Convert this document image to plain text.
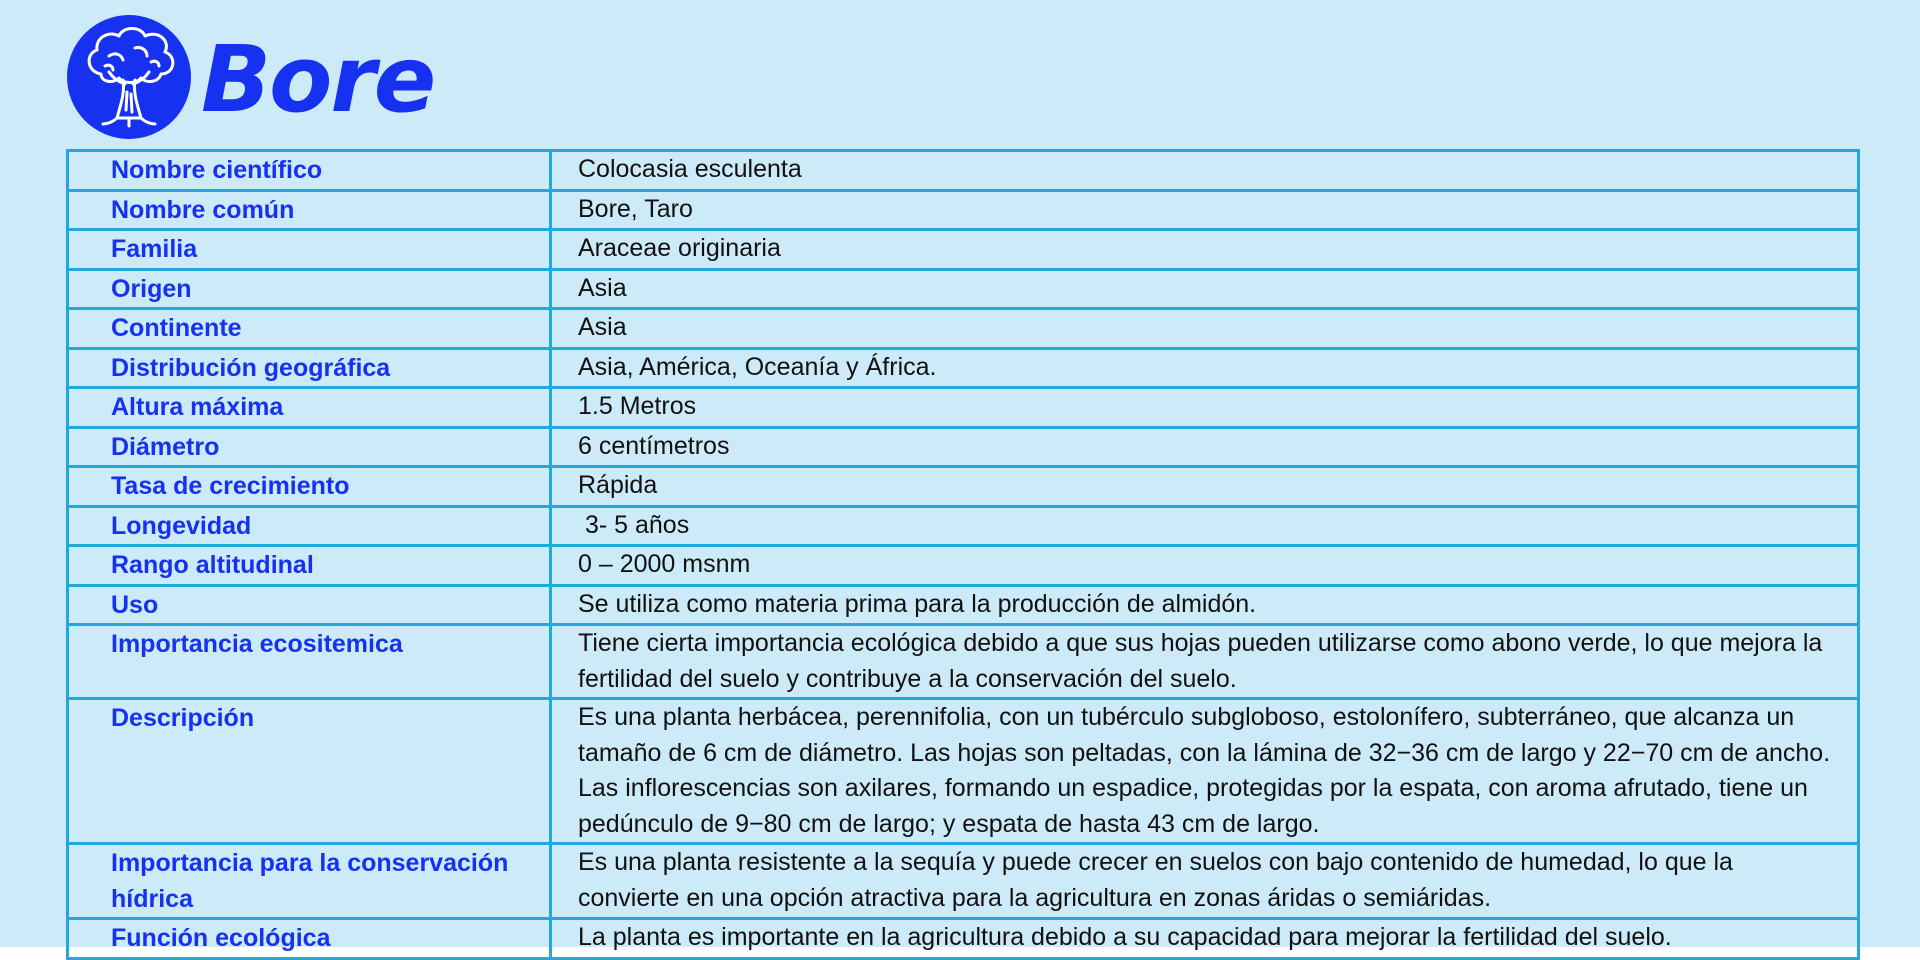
Bore
Nombre científico	Colocasia esculenta
Nombre común	Bore, Taro
Familia	Araceae originaria
Origen	Asia
Continente	Asia
Distribución geográfica	Asia, América, Oceanía y África.
Altura máxima	1.5 Metros
Diámetro	6 centímetros
Tasa de crecimiento	Rápida
Longevidad	3- 5 años
Rango altitudinal	0 – 2000 msnm
Uso	Se utiliza como materia prima para la producción de almidón.
Importancia ecositemica	Tiene cierta importancia ecológica debido a que sus hojas pueden utilizarse como abono verde, lo que mejora la fertilidad del suelo y contribuye a la conservación del suelo.
Descripción	Es una planta herbácea, perennifolia, con un tubérculo subgloboso, estolonífero, subterráneo, que alcanza un tamaño de 6 cm de diámetro. Las hojas son peltadas, con la lámina de 32−36 cm de largo y 22−70 cm de ancho. Las inflorescencias son axilares, formando un espadice, protegidas por la espata, con aroma afrutado, tiene un pedúnculo de 9−80 cm de largo; y espata de hasta 43 cm de largo.
Importancia para la conservación hídrica	Es una planta resistente a la sequía y puede crecer en suelos con bajo contenido de humedad, lo que la convierte en una opción atractiva para la agricultura en zonas áridas o semiáridas.
Función ecológica	La planta es importante en la agricultura debido a su capacidad para mejorar la fertilidad del suelo.
